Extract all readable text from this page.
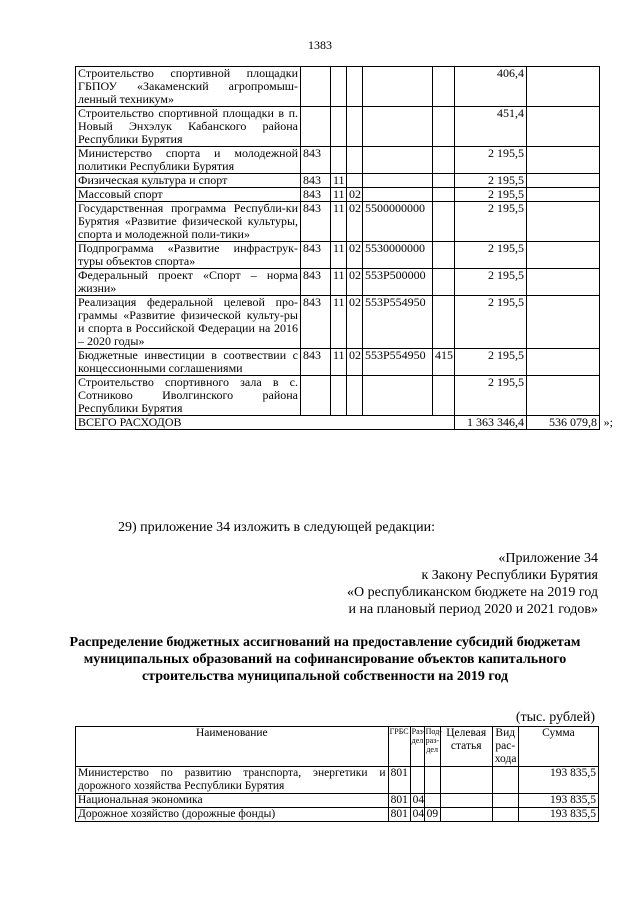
1383
Строительство спортивной площадки ГБПОУ «Закаменский агропромыш-ленный техникум»						406,4	
Строительство спортивной площадки в п. Новый Энхэлук Кабанского района Республики Бурятия						451,4	
Министерство спорта и молодежной политики Республики Бурятия	843					2 195,5	
Физическая культура и спорт	843	11				2 195,5	
Массовый спорт	843	11	02			2 195,5	
Государственная программа Республи-ки Бурятия «Развитие физической культуры, спорта и молодежной поли-тики»	843	11	02	5500000000		2 195,5	
Подпрограмма «Развитие инфраструк-туры объектов спорта»	843	11	02	5530000000		2 195,5	
Федеральный проект «Спорт – норма жизни»	843	11	02	553P500000		2 195,5	
Реализация федеральной целевой про-граммы «Развитие физической культу-ры и спорта в Российской Федерации на 2016 – 2020 годы»	843	11	02	553P554950		2 195,5	
Бюджетные инвестиции в соотвествии с концессионными соглашениями	843	11	02	553P554950	415	2 195,5	
Строительство спортивного зала в с. Сотниково Иволгинского района Республики Бурятия						2 195,5	
ВСЕГО РАСХОДОВ						1 363 346,4	536 079,8 »;
29) приложение 34 изложить в следующей редакции:
«Приложение 34
к Закону Республики Бурятия
«О республиканском бюджете на 2019 год
и на плановый период 2020 и 2021 годов»
Распределение бюджетных ассигнований на предоставление субсидий бюджетам муниципальных образований на софинансирование объектов капитального строительства муниципальной собственности на 2019 год
(тыс. рублей)
Наименование	ГРБС	Раз-дел	Под-раз-дел	Целевая статья	Вид рас-хода	Сумма
Министерство по развитию транспорта, энергетики и дорожного хозяйства Республики Бурятия	801					193 835,5
Национальная экономика	801	04				193 835,5
Дорожное хозяйство (дорожные фонды)	801	04	09			193 835,5
